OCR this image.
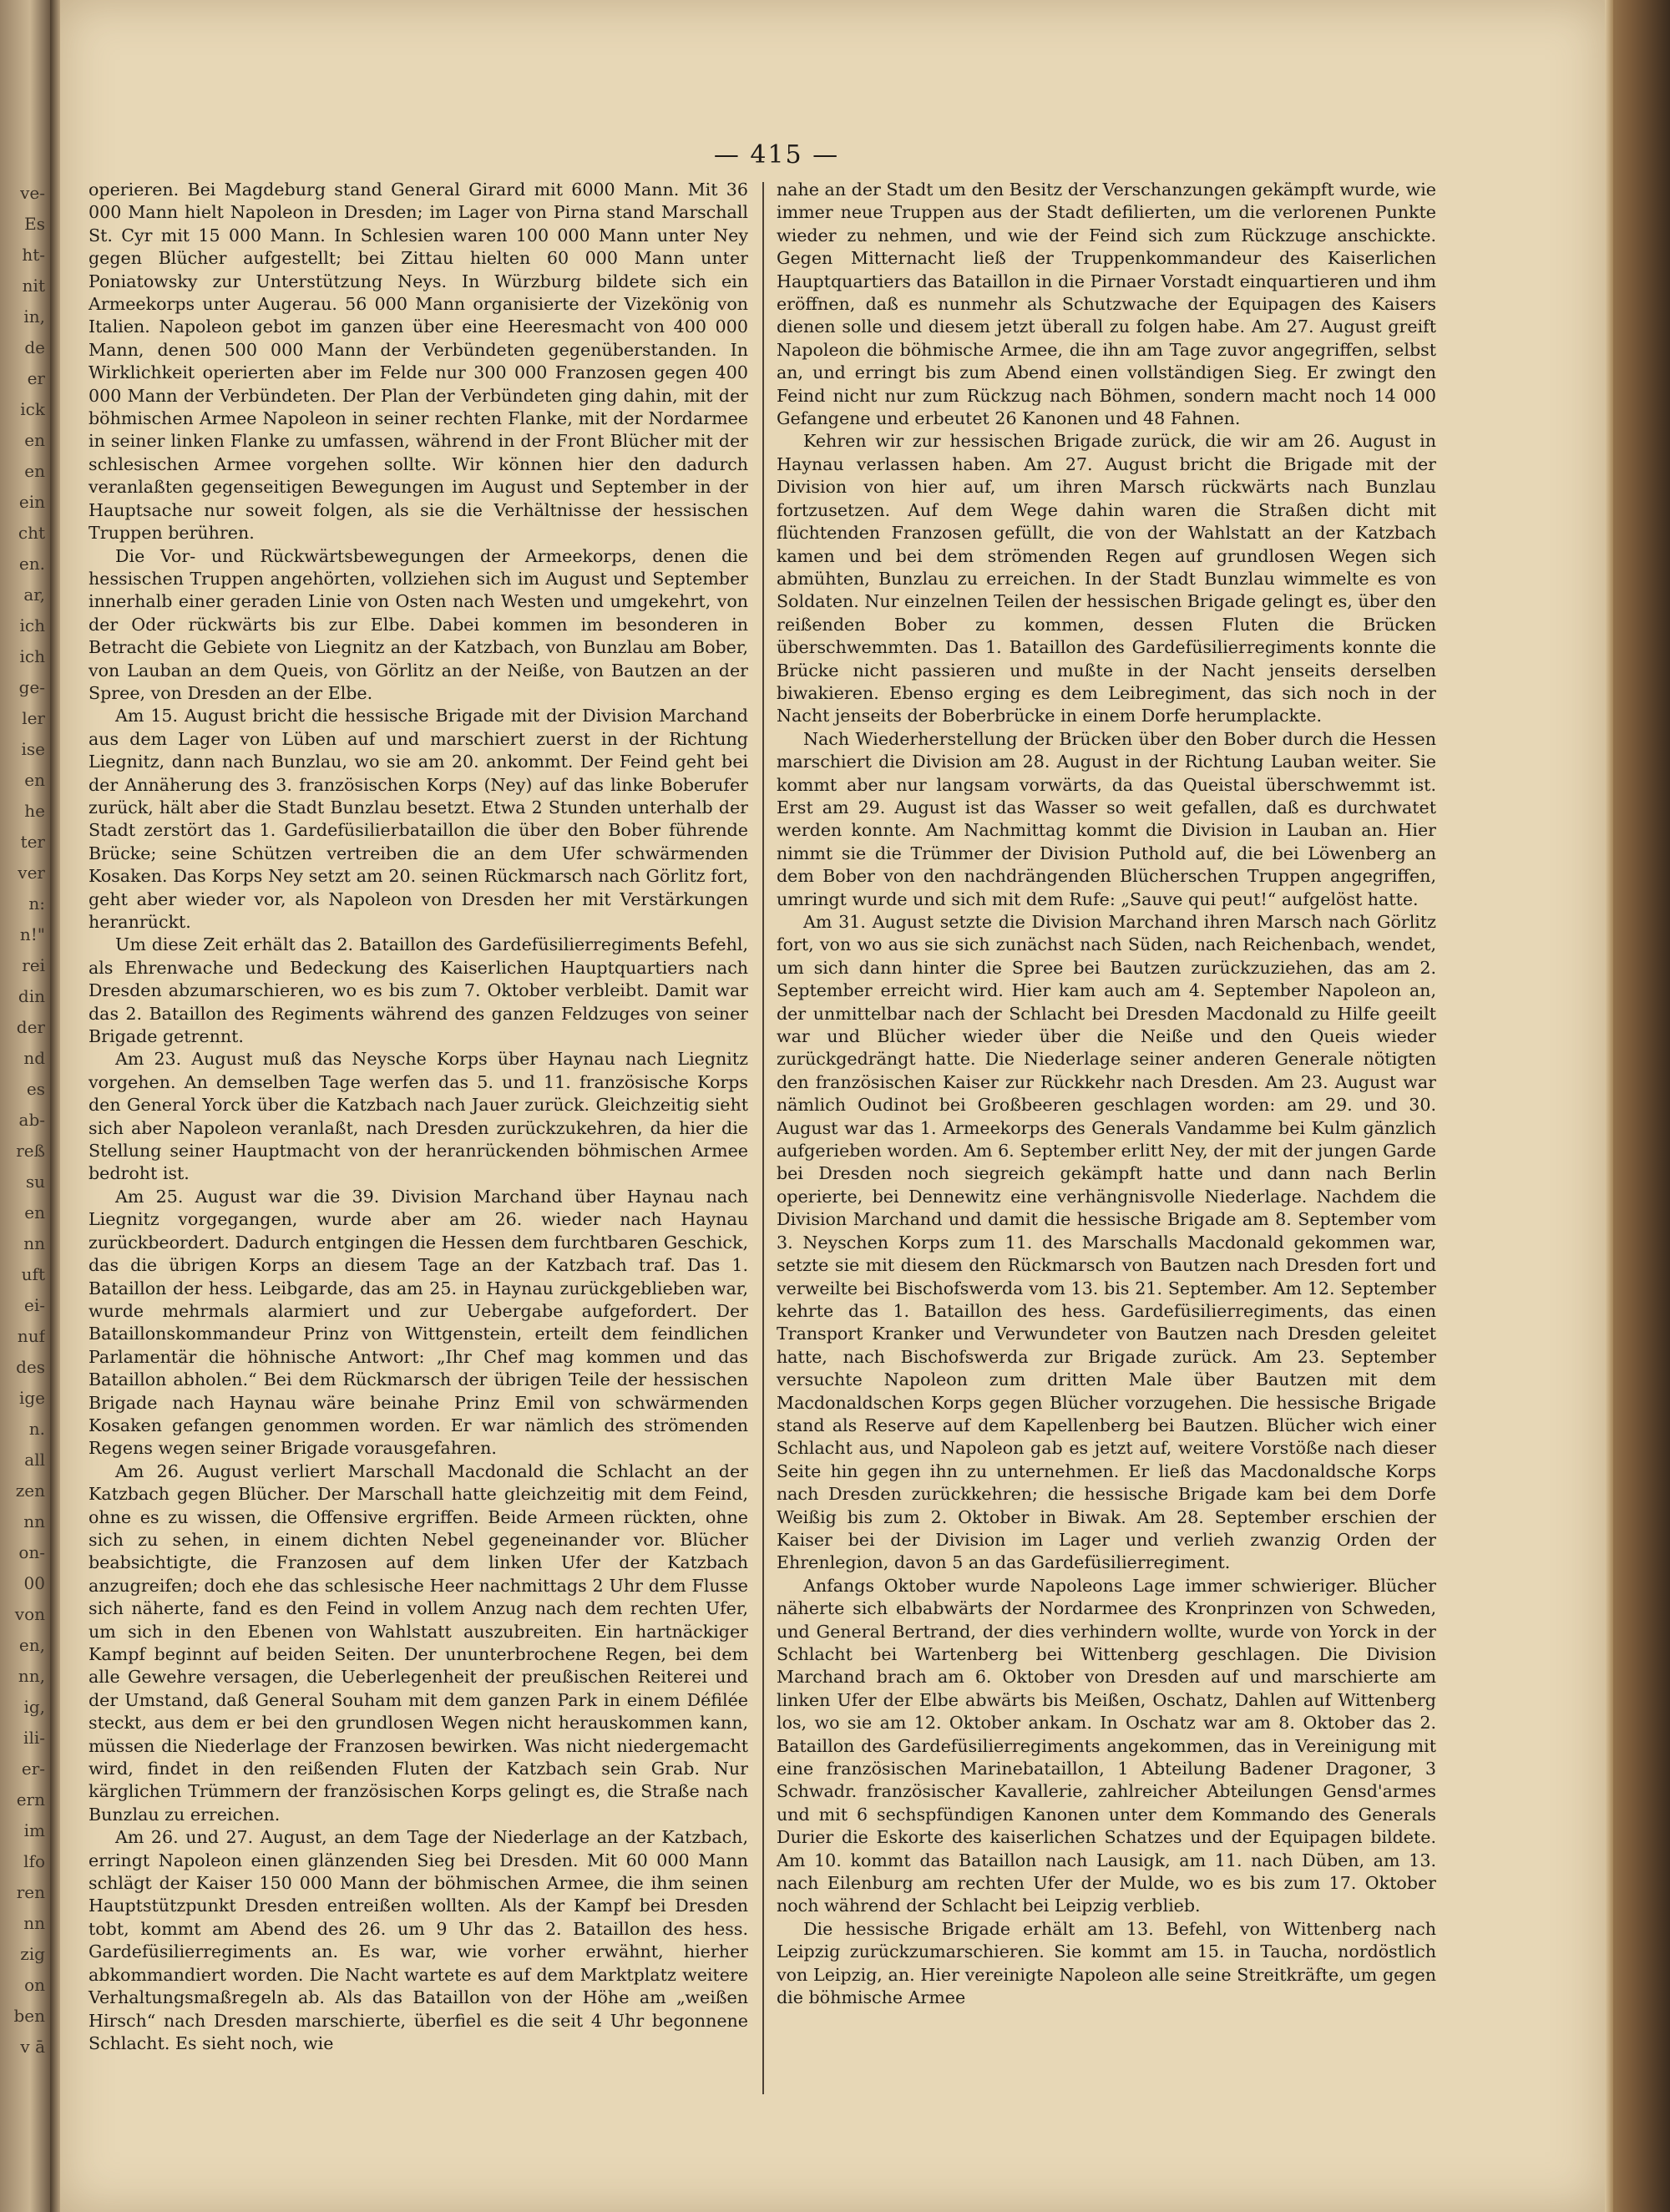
ve-
Es
ht-
nit
in,
de
er
ick
en
en
ein
cht
en.
ar,
ich
ich
ge-
ler
ise
en
he
ter
ver
n:
n!"
rei
din
der
nd
es
ab-
reß
su
en
nn
uft
ei-
nuf
des
ige
n.
all
zen
nn
on-
00
von
en,
nn,
ig,
ili-
er-
ern
im
lfo
ren
nn
zig
on
ben
v ā
— 415 —

operieren. Bei Magdeburg stand General Girard mit 6000 Mann. Mit 36 000 Mann hielt Napoleon in Dresden; im Lager von Pirna stand Marschall St. Cyr mit 15 000 Mann. In Schlesien waren 100 000 Mann unter Ney gegen Blücher aufgestellt; bei Zittau hielten 60 000 Mann unter Poniatowsky zur Unterstützung Neys. In Würzburg bildete sich ein Armeekorps unter Augerau. 56 000 Mann organisierte der Vizekönig von Italien. Napoleon gebot im ganzen über eine Heeresmacht von 400 000 Mann, denen 500 000 Mann der Verbündeten gegenüberstanden. In Wirklichkeit operierten aber im Felde nur 300 000 Franzosen gegen 400 000 Mann der Verbündeten. Der Plan der Verbündeten ging dahin, mit der böhmischen Armee Napoleon in seiner rechten Flanke, mit der Nordarmee in seiner linken Flanke zu umfassen, während in der Front Blücher mit der schlesischen Armee vorgehen sollte. Wir können hier den dadurch veranlaßten gegenseitigen Bewegungen im August und September in der Hauptsache nur soweit folgen, als sie die Verhältnisse der hessischen Truppen berühren.

Die Vor- und Rückwärtsbewegungen der Armeekorps, denen die hessischen Truppen angehörten, vollziehen sich im August und September innerhalb einer geraden Linie von Osten nach Westen und umgekehrt, von der Oder rückwärts bis zur Elbe. Dabei kommen im besonderen in Betracht die Gebiete von Liegnitz an der Katzbach, von Bunzlau am Bober, von Lauban an dem Queis, von Görlitz an der Neiße, von Bautzen an der Spree, von Dresden an der Elbe.

Am 15. August bricht die hessische Brigade mit der Division Marchand aus dem Lager von Lüben auf und marschiert zuerst in der Richtung Liegnitz, dann nach Bunzlau, wo sie am 20. ankommt. Der Feind geht bei der Annäherung des 3. französischen Korps (Ney) auf das linke Boberufer zurück, hält aber die Stadt Bunzlau besetzt. Etwa 2 Stunden unterhalb der Stadt zerstört das 1. Gardefüsilierbataillon die über den Bober führende Brücke; seine Schützen vertreiben die an dem Ufer schwärmenden Kosaken. Das Korps Ney setzt am 20. seinen Rückmarsch nach Görlitz fort, geht aber wieder vor, als Napoleon von Dresden her mit Verstärkungen heranrückt.

Um diese Zeit erhält das 2. Bataillon des Gardefüsilierregiments Befehl, als Ehrenwache und Bedeckung des Kaiserlichen Hauptquartiers nach Dresden abzumarschieren, wo es bis zum 7. Oktober verbleibt. Damit war das 2. Bataillon des Regiments während des ganzen Feldzuges von seiner Brigade getrennt.

Am 23. August muß das Neysche Korps über Haynau nach Liegnitz vorgehen. An demselben Tage werfen das 5. und 11. französische Korps den General Yorck über die Katzbach nach Jauer zurück. Gleichzeitig sieht sich aber Napoleon veranlaßt, nach Dresden zurückzukehren, da hier die Stellung seiner Hauptmacht von der heranrückenden böhmischen Armee bedroht ist.

Am 25. August war die 39. Division Marchand über Haynau nach Liegnitz vorgegangen, wurde aber am 26. wieder nach Haynau zurückbeordert. Dadurch entgingen die Hessen dem furchtbaren Geschick, das die übrigen Korps an diesem Tage an der Katzbach traf. Das 1. Bataillon der hess. Leibgarde, das am 25. in Haynau zurückgeblieben war, wurde mehrmals alarmiert und zur Uebergabe aufgefordert. Der Bataillonskommandeur Prinz von Wittgenstein, erteilt dem feindlichen Parlamentär die höhnische Antwort: „Ihr Chef mag kommen und das Bataillon abholen.“ Bei dem Rückmarsch der übrigen Teile der hessischen Brigade nach Haynau wäre beinahe Prinz Emil von schwärmenden Kosaken gefangen genommen worden. Er war nämlich des strömenden Regens wegen seiner Brigade vorausgefahren.

Am 26. August verliert Marschall Macdonald die Schlacht an der Katzbach gegen Blücher. Der Marschall hatte gleichzeitig mit dem Feind, ohne es zu wissen, die Offensive ergriffen. Beide Armeen rückten, ohne sich zu sehen, in einem dichten Nebel gegeneinander vor. Blücher beabsichtigte, die Franzosen auf dem linken Ufer der Katzbach anzugreifen; doch ehe das schlesische Heer nachmittags 2 Uhr dem Flusse sich näherte, fand es den Feind in vollem Anzug nach dem rechten Ufer, um sich in den Ebenen von Wahlstatt auszubreiten. Ein hartnäckiger Kampf beginnt auf beiden Seiten. Der ununterbrochene Regen, bei dem alle Gewehre versagen, die Ueberlegenheit der preußischen Reiterei und der Umstand, daß General Souham mit dem ganzen Park in einem Défilée steckt, aus dem er bei den grundlosen Wegen nicht herauskommen kann, müssen die Niederlage der Franzosen bewirken. Was nicht niedergemacht wird, findet in den reißenden Fluten der Katzbach sein Grab. Nur kärglichen Trümmern der französischen Korps gelingt es, die Straße nach Bunzlau zu erreichen.

Am 26. und 27. August, an dem Tage der Niederlage an der Katzbach, erringt Napoleon einen glänzenden Sieg bei Dresden. Mit 60 000 Mann schlägt der Kaiser 150 000 Mann der böhmischen Armee, die ihm seinen Hauptstützpunkt Dresden entreißen wollten. Als der Kampf bei Dresden tobt, kommt am Abend des 26. um 9 Uhr das 2. Bataillon des hess. Gardefüsilierregiments an. Es war, wie vorher erwähnt, hierher abkommandiert worden. Die Nacht wartete es auf dem Marktplatz weitere Verhaltungsmaßregeln ab. Als das Bataillon von der Höhe am „weißen Hirsch“ nach Dresden marschierte, überfiel es die seit 4 Uhr begonnene Schlacht. Es sieht noch, wie

nahe an der Stadt um den Besitz der Verschanzungen gekämpft wurde, wie immer neue Truppen aus der Stadt defilierten, um die verlorenen Punkte wieder zu nehmen, und wie der Feind sich zum Rückzuge anschickte. Gegen Mitternacht ließ der Truppenkommandeur des Kaiserlichen Hauptquartiers das Bataillon in die Pirnaer Vorstadt einquartieren und ihm eröffnen, daß es nunmehr als Schutzwache der Equipagen des Kaisers dienen solle und diesem jetzt überall zu folgen habe. Am 27. August greift Napoleon die böhmische Armee, die ihn am Tage zuvor angegriffen, selbst an, und erringt bis zum Abend einen vollständigen Sieg. Er zwingt den Feind nicht nur zum Rückzug nach Böhmen, sondern macht noch 14 000 Gefangene und erbeutet 26 Kanonen und 48 Fahnen.

Kehren wir zur hessischen Brigade zurück, die wir am 26. August in Haynau verlassen haben. Am 27. August bricht die Brigade mit der Division von hier auf, um ihren Marsch rückwärts nach Bunzlau fortzusetzen. Auf dem Wege dahin waren die Straßen dicht mit flüchtenden Franzosen gefüllt, die von der Wahlstatt an der Katzbach kamen und bei dem strömenden Regen auf grundlosen Wegen sich abmühten, Bunzlau zu erreichen. In der Stadt Bunzlau wimmelte es von Soldaten. Nur einzelnen Teilen der hessischen Brigade gelingt es, über den reißenden Bober zu kommen, dessen Fluten die Brücken überschwemmten. Das 1. Bataillon des Gardefüsilierregiments konnte die Brücke nicht passieren und mußte in der Nacht jenseits derselben biwakieren. Ebenso erging es dem Leibregiment, das sich noch in der Nacht jenseits der Boberbrücke in einem Dorfe herumplackte.

Nach Wiederherstellung der Brücken über den Bober durch die Hessen marschiert die Division am 28. August in der Richtung Lauban weiter. Sie kommt aber nur langsam vorwärts, da das Queistal überschwemmt ist. Erst am 29. August ist das Wasser so weit gefallen, daß es durchwatet werden konnte. Am Nachmittag kommt die Division in Lauban an. Hier nimmt sie die Trümmer der Division Puthold auf, die bei Löwenberg an dem Bober von den nachdrängenden Blücherschen Truppen angegriffen, umringt wurde und sich mit dem Rufe: „Sauve qui peut!“ aufgelöst hatte.

Am 31. August setzte die Division Marchand ihren Marsch nach Görlitz fort, von wo aus sie sich zunächst nach Süden, nach Reichenbach, wendet, um sich dann hinter die Spree bei Bautzen zurückzuziehen, das am 2. September erreicht wird. Hier kam auch am 4. September Napoleon an, der unmittelbar nach der Schlacht bei Dresden Macdonald zu Hilfe geeilt war und Blücher wieder über die Neiße und den Queis wieder zurückgedrängt hatte. Die Niederlage seiner anderen Generale nötigten den französischen Kaiser zur Rückkehr nach Dresden. Am 23. August war nämlich Oudinot bei Großbeeren geschlagen worden: am 29. und 30. August war das 1. Armeekorps des Generals Vandamme bei Kulm gänzlich aufgerieben worden. Am 6. September erlitt Ney, der mit der jungen Garde bei Dresden noch siegreich gekämpft hatte und dann nach Berlin operierte, bei Dennewitz eine verhängnisvolle Niederlage. Nachdem die Division Marchand und damit die hessische Brigade am 8. September vom 3. Neyschen Korps zum 11. des Marschalls Macdonald gekommen war, setzte sie mit diesem den Rückmarsch von Bautzen nach Dresden fort und verweilte bei Bischofswerda vom 13. bis 21. September. Am 12. September kehrte das 1. Bataillon des hess. Gardefüsilierregiments, das einen Transport Kranker und Verwundeter von Bautzen nach Dresden geleitet hatte, nach Bischofswerda zur Brigade zurück. Am 23. September versuchte Napoleon zum dritten Male über Bautzen mit dem Macdonaldschen Korps gegen Blücher vorzugehen. Die hessische Brigade stand als Reserve auf dem Kapellenberg bei Bautzen. Blücher wich einer Schlacht aus, und Napoleon gab es jetzt auf, weitere Vorstöße nach dieser Seite hin gegen ihn zu unternehmen. Er ließ das Macdonaldsche Korps nach Dresden zurückkehren; die hessische Brigade kam bei dem Dorfe Weißig bis zum 2. Oktober in Biwak. Am 28. September erschien der Kaiser bei der Division im Lager und verlieh zwanzig Orden der Ehrenlegion, davon 5 an das Gardefüsilierregiment.

Anfangs Oktober wurde Napoleons Lage immer schwieriger. Blücher näherte sich elbabwärts der Nordarmee des Kronprinzen von Schweden, und General Bertrand, der dies verhindern wollte, wurde von Yorck in der Schlacht bei Wartenberg bei Wittenberg geschlagen. Die Division Marchand brach am 6. Oktober von Dresden auf und marschierte am linken Ufer der Elbe abwärts bis Meißen, Oschatz, Dahlen auf Wittenberg los, wo sie am 12. Oktober ankam. In Oschatz war am 8. Oktober das 2. Bataillon des Gardefüsilierregiments angekommen, das in Vereinigung mit eine französischen Marinebataillon, 1 Abteilung Badener Dragoner, 3 Schwadr. französischer Kavallerie, zahlreicher Abteilungen Gensd'armes und mit 6 sechspfündigen Kanonen unter dem Kommando des Generals Durier die Eskorte des kaiserlichen Schatzes und der Equipagen bildete. Am 10. kommt das Bataillon nach Lausigk, am 11. nach Düben, am 13. nach Eilenburg am rechten Ufer der Mulde, wo es bis zum 17. Oktober noch während der Schlacht bei Leipzig verblieb.

Die hessische Brigade erhält am 13. Befehl, von Wittenberg nach Leipzig zurückzumarschieren. Sie kommt am 15. in Taucha, nordöstlich von Leipzig, an. Hier vereinigte Napoleon alle seine Streitkräfte, um gegen die böhmische Armee
